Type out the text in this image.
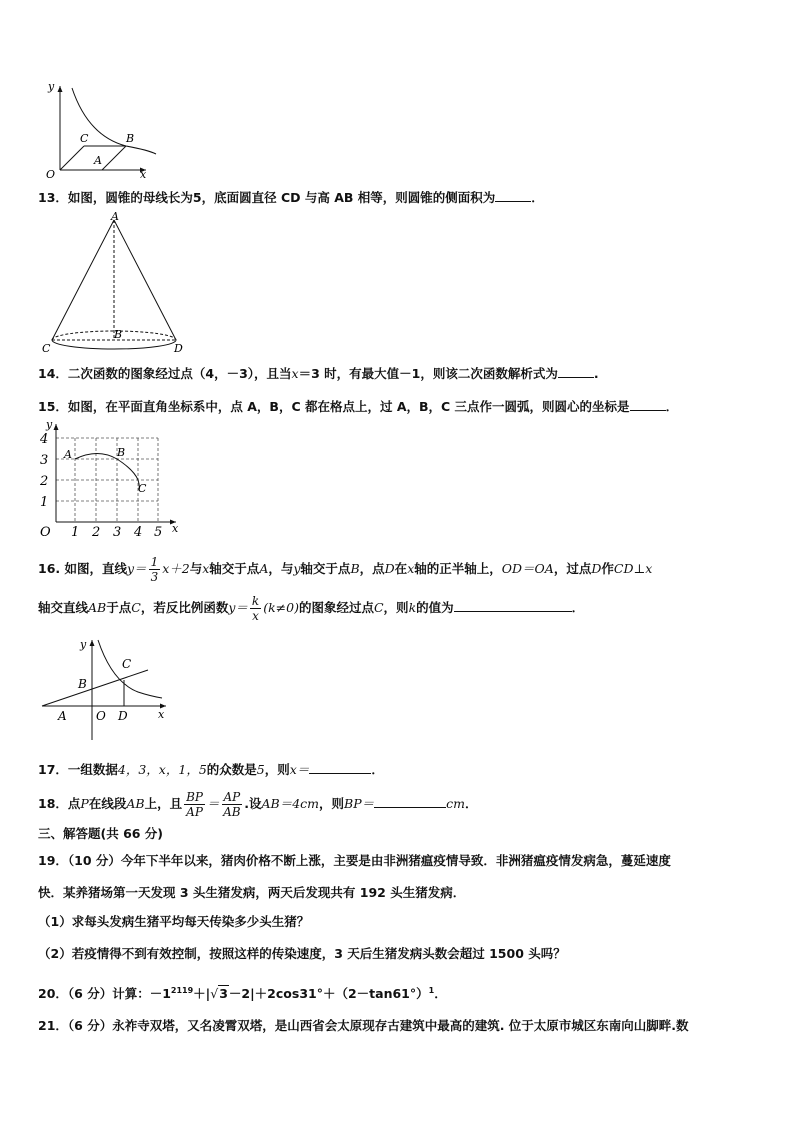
y
x
O
A
B
C
13．如图，圆锥的母线长为5，底面圆直径 CD 与高 AB 相等，则圆锥的侧面积为	．
A
B
C	D
14．二次函数的图象经过点（4，－3），且当x＝3 时，有最大值－1，则该二次函数解析式为	.
15．如图，在平面直角坐标系中，点 A，B，C 都在格点上，过 A，B，C 三点作一圆弧，则圆心的坐标是	．
y
x
O
4
3
2
1
1 2 3 4 5
A	B
C
16. 如图，直线$y= \frac{1}{3} x+2$与x轴交于点A，与y轴交于点B，点D在x轴的正半轴上，OD＝OA，过点D作CD⊥x
轴交直线AB于点C，若反比例函数$y= \frac{k}{x} (k\ne 0)$的图象经过点C，则k的值为	．
y
x
C
B
A O D
17．一组数据4，3，x，1，5的众数是5，则x＝	．
18．点P在线段AB上，且 $\frac{BP}{AP} = \frac{AP}{AB}$ .设AB＝4cm，则BP＝	cm．
三、解答题(共 66 分)
19．（10 分）今年下半年以来，猪肉价格不断上涨，主要是由非洲猪瘟疫情导致．非洲猪瘟疫情发病急，蔓延速度
快．某养猪场第一天发现 3 头生猪发病，两天后发现共有 192 头生猪发病．
（1）求每头发病生猪平均每天传染多少头生猪？
（2）若疫情得不到有效控制，按照这样的传染速度，3 天后生猪发病头数会超过 1500 头吗？
20．（6 分）计算：$-1^{2119}+|√3-2|+2\cos 31^\circ+(2-\tan 61^\circ)^1$．
21．（6 分）永祚寺双塔，又名凌霄双塔，是山西省会太原现存古建筑中最高的建筑. 位于太原市城区东南向山脚畔.数
